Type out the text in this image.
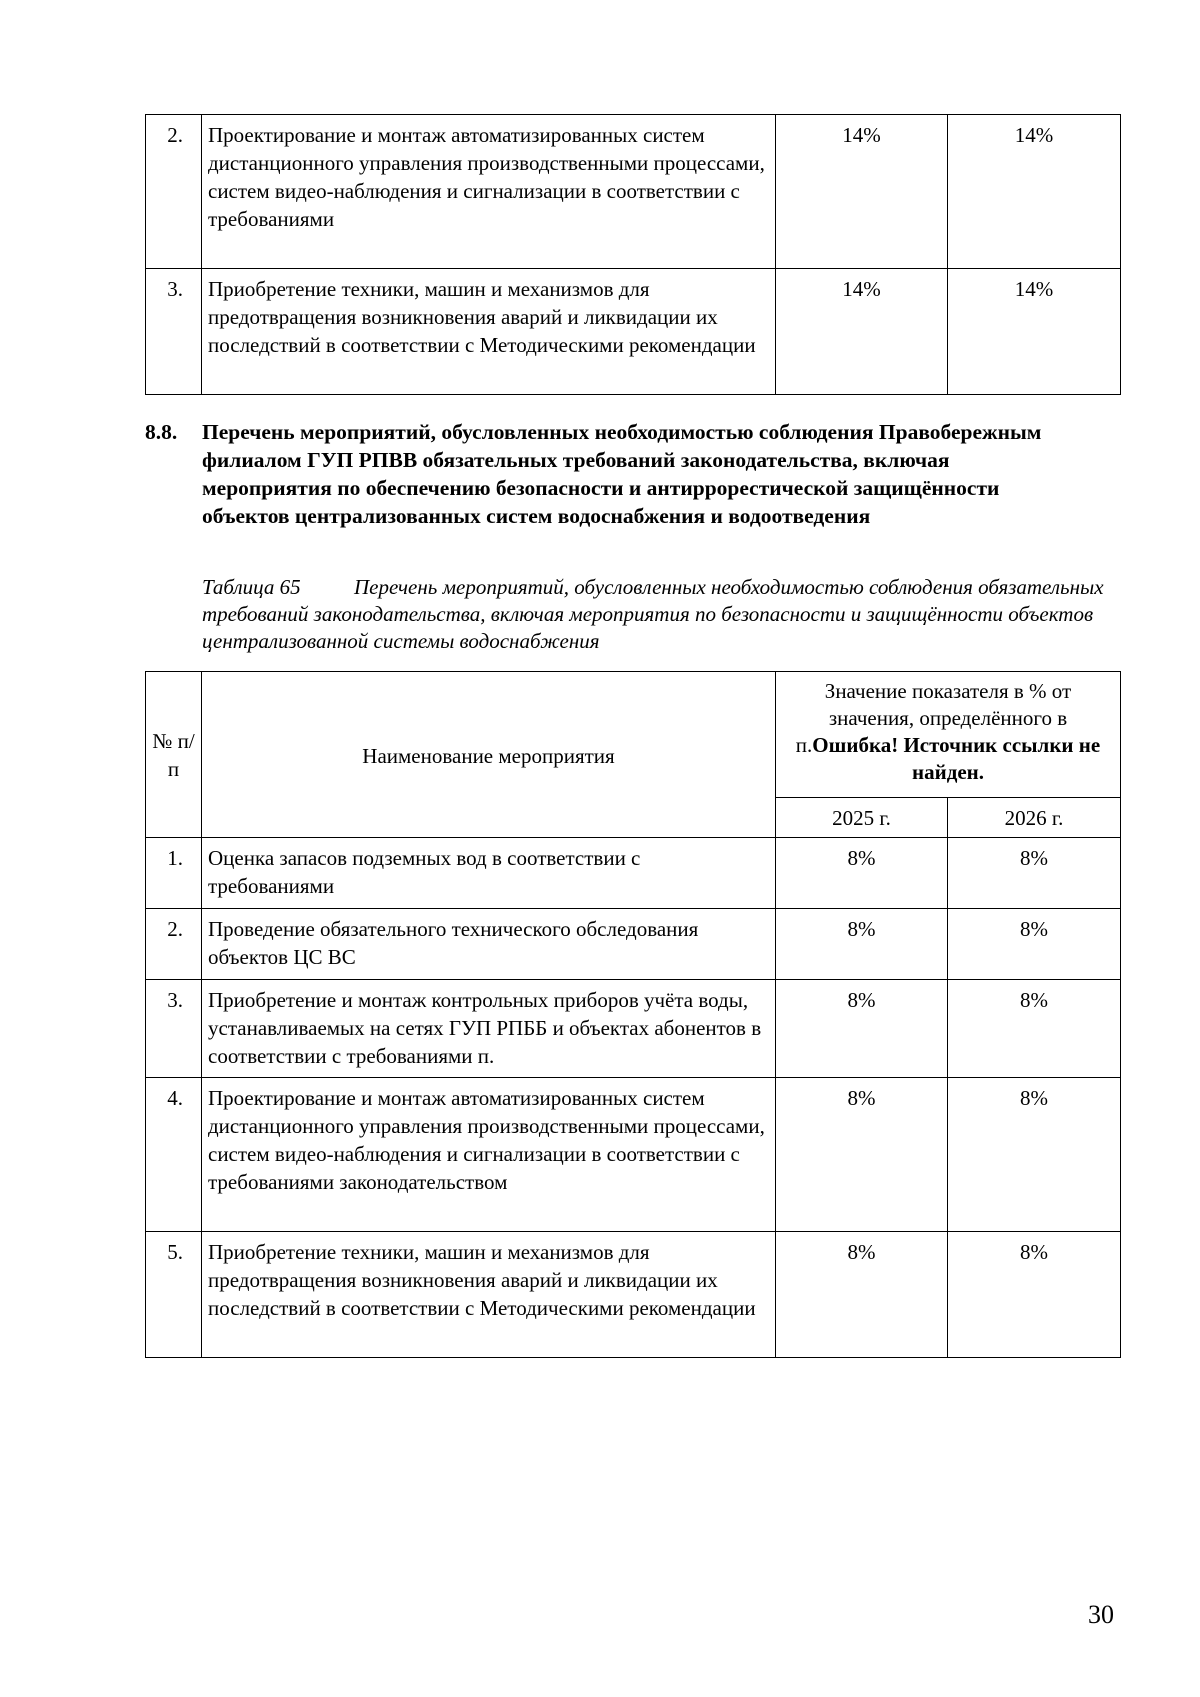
2.	Проектирование и монтаж автоматизированных систем дистанционного управления производственными процессами, систем видео-наблюдения и сигнализации в соответствии с требованиями	14%	14%
3.	Приобретение техники, машин и механизмов для предотвращения возникновения аварий и ликвидации их последствий в соответствии с Методическими рекомендации	14%	14%
8.8. Перечень мероприятий, обусловленных необходимостью соблюдения Правобережным филиалом ГУП РПВВ обязательных требований законодательства, включая мероприятия по обеспечению безопасности и антиррорестической защищённости объектов централизованных систем водоснабжения и водоотведения
Таблица 65	Перечень мероприятий, обусловленных необходимостью соблюдения обязательных требований законодательства, включая мероприятия по безопасности и защищённости объектов централизованной системы водоснабжения
№ п/п	Наименование мероприятия	Значение показателя в % от значения, определённого в п.Ошибка! Источник ссылки не найден.	
		2025 г.	2026 г.
1.	Оценка запасов подземных вод в соответствии с требованиями	8%	8%
2.	Проведение обязательного технического обследования объектов ЦС ВС	8%	8%
3.	Приобретение и монтаж контрольных приборов учёта воды, устанавливаемых на сетях ГУП РПББ и объектах абонентов в соответствии с требованиями п.	8%	8%
4.	Проектирование и монтаж автоматизированных систем дистанционного управления производственными процессами, систем видео-наблюдения и сигнализации в соответствии с требованиями законодательством	8%	8%
5.	Приобретение техники, машин и механизмов для предотвращения возникновения аварий и ликвидации их последствий в соответствии с Методическими рекомендации	8%	8%
30
